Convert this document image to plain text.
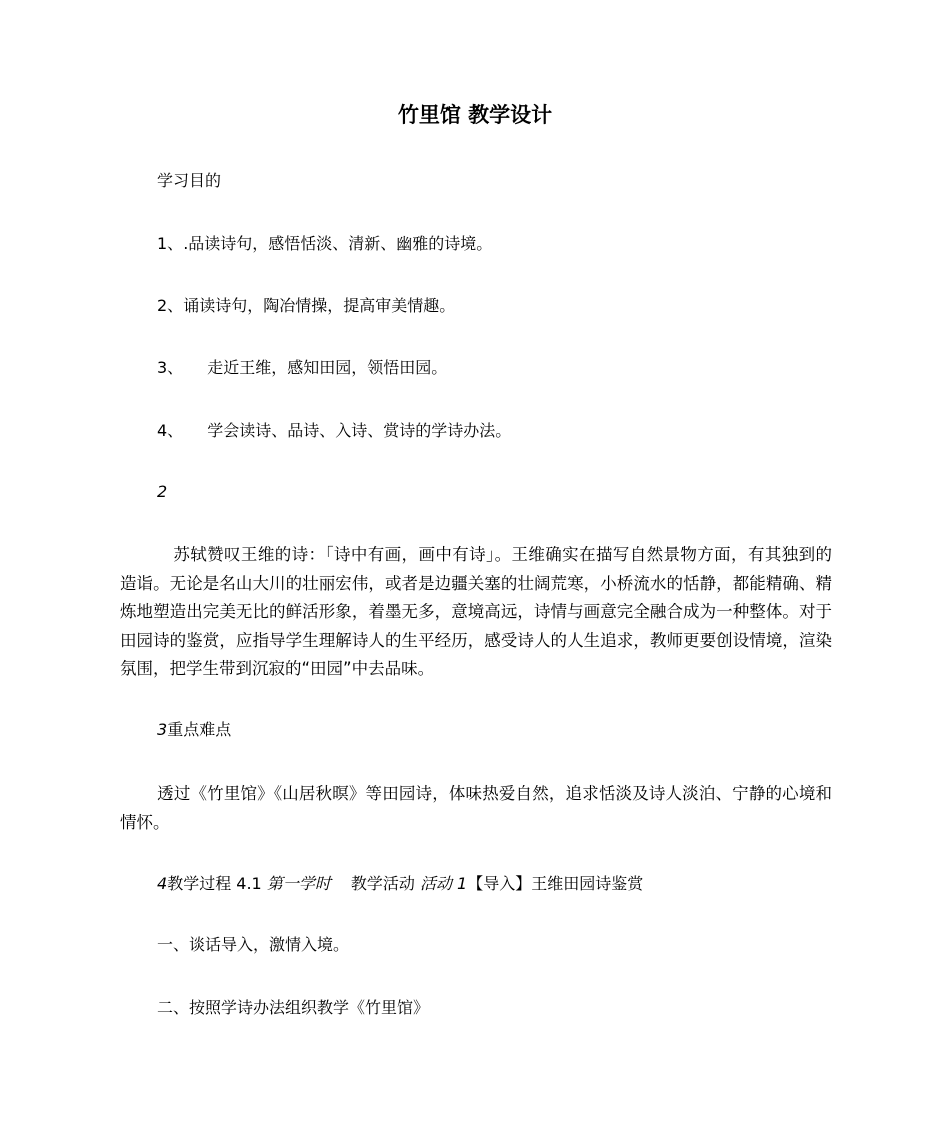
竹里馆 教学设计
学习目的
1、.品读诗句，感悟恬淡、清新、幽雅的诗境。
2、诵读诗句，陶冶情操，提高审美情趣。
3、 走近王维，感知田园，领悟田园。
4、 学会读诗、品诗、入诗、赏诗的学诗办法。
2
苏轼赞叹王维的诗：「诗中有画，画中有诗」。王维确实在描写自然景物方面，有其独到的造诣。无论是名山大川的壮丽宏伟，或者是边疆关塞的壮阔荒寒，小桥流水的恬静，都能精确、精炼地塑造出完美无比的鲜活形象，着墨无多，意境高远，诗情与画意完全融合成为一种整体。对于田园诗的鉴赏，应指导学生理解诗人的生平经历，感受诗人的人生追求，教师更要创设情境，渲染氛围，把学生带到沉寂的“田园”中去品味。
3重点难点
透过《竹里馆》《山居秋暝》等田园诗，体味热爱自然，追求恬淡及诗人淡泊、宁静的心境和情怀。
4教学过程 4.1 第一学时 教学活动 活动 1【导入】王维田园诗鉴赏
一、谈话导入，激情入境。
二、按照学诗办法组织教学《竹里馆》
